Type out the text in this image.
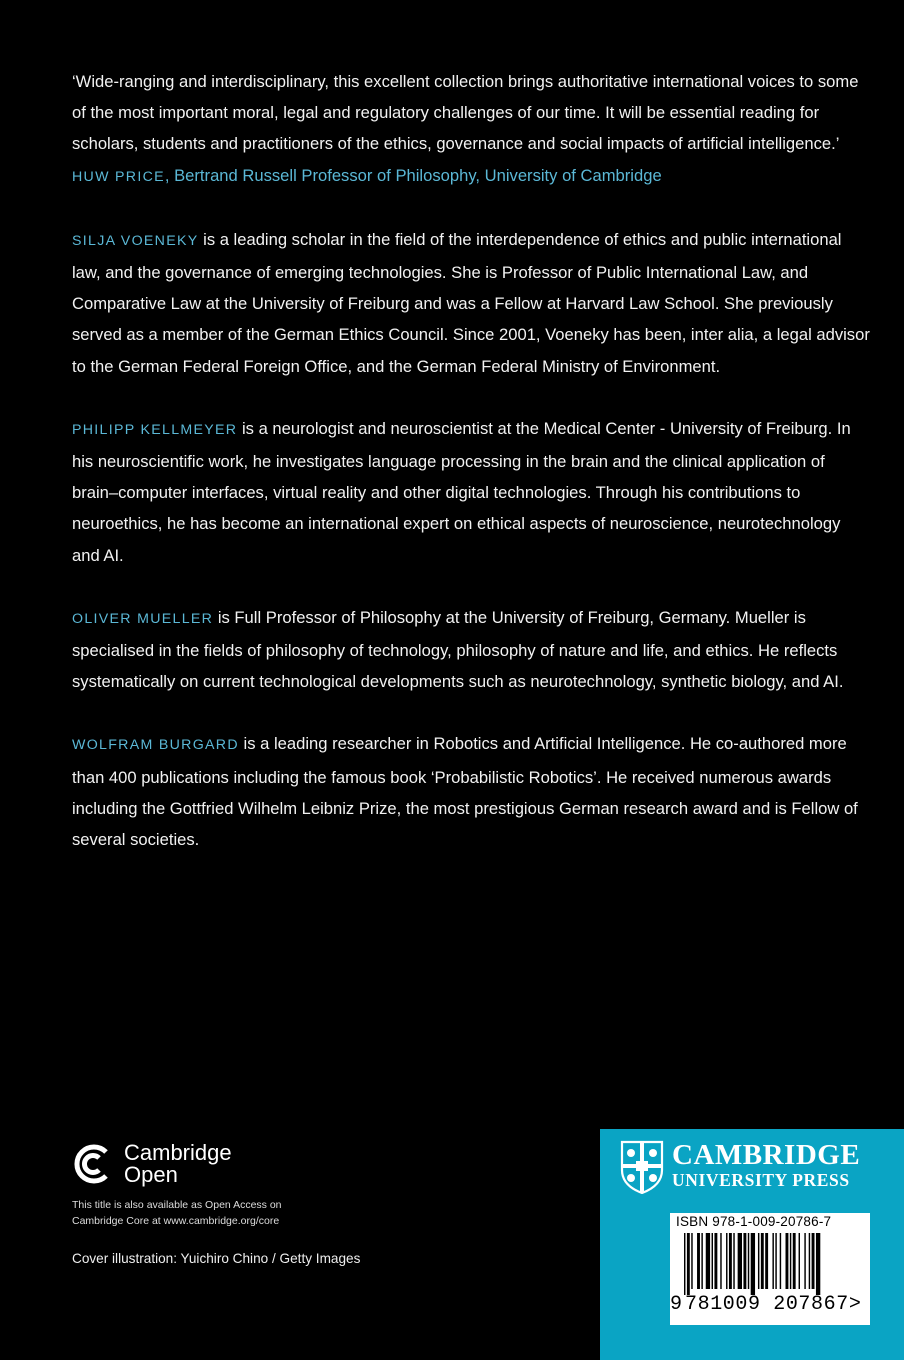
‘Wide-ranging and interdisciplinary, this excellent collection brings authoritative international voices to some of the most important moral, legal and regulatory challenges of our time. It will be essential reading for scholars, students and practitioners of the ethics, governance and social impacts of artificial intelligence.’
HUW PRICE, Bertrand Russell Professor of Philosophy, University of Cambridge

SILJA VOENEKY is a leading scholar in the field of the interdependence of ethics and public international law, and the governance of emerging technologies. She is Professor of Public International Law, and Comparative Law at the University of Freiburg and was a Fellow at Harvard Law School. She previously served as a member of the German Ethics Council. Since 2001, Voeneky has been, inter alia, a legal advisor to the German Federal Foreign Office, and the German Federal Ministry of Environment.

PHILIPP KELLMEYER is a neurologist and neuroscientist at the Medical Center - University of Freiburg. In his neuroscientific work, he investigates language processing in the brain and the clinical application of brain–computer interfaces, virtual reality and other digital technologies. Through his contributions to neuroethics, he has become an international expert on ethical aspects of neuroscience, neurotechnology and AI.

OLIVER MUELLER is Full Professor of Philosophy at the University of Freiburg, Germany. Mueller is specialised in the fields of philosophy of technology, philosophy of nature and life, and ethics. He reflects systematically on current technological developments such as neurotechnology, synthetic biology, and AI.

WOLFRAM BURGARD is a leading researcher in Robotics and Artificial Intelligence. He co-authored more than 400 publications including the famous book ‘Probabilistic Robotics’. He received numerous awards including the Gottfried Wilhelm Leibniz Prize, the most prestigious German research award and is Fellow of several societies.

Cambridge
Open
This title is also available as Open Access on
Cambridge Core at www.cambridge.org/core
Cover illustration: Yuichiro Chino / Getty Images
CAMBRIDGE
UNIVERSITY PRESS
ISBN 978-1-009-20786-7
9 781009 207867>
